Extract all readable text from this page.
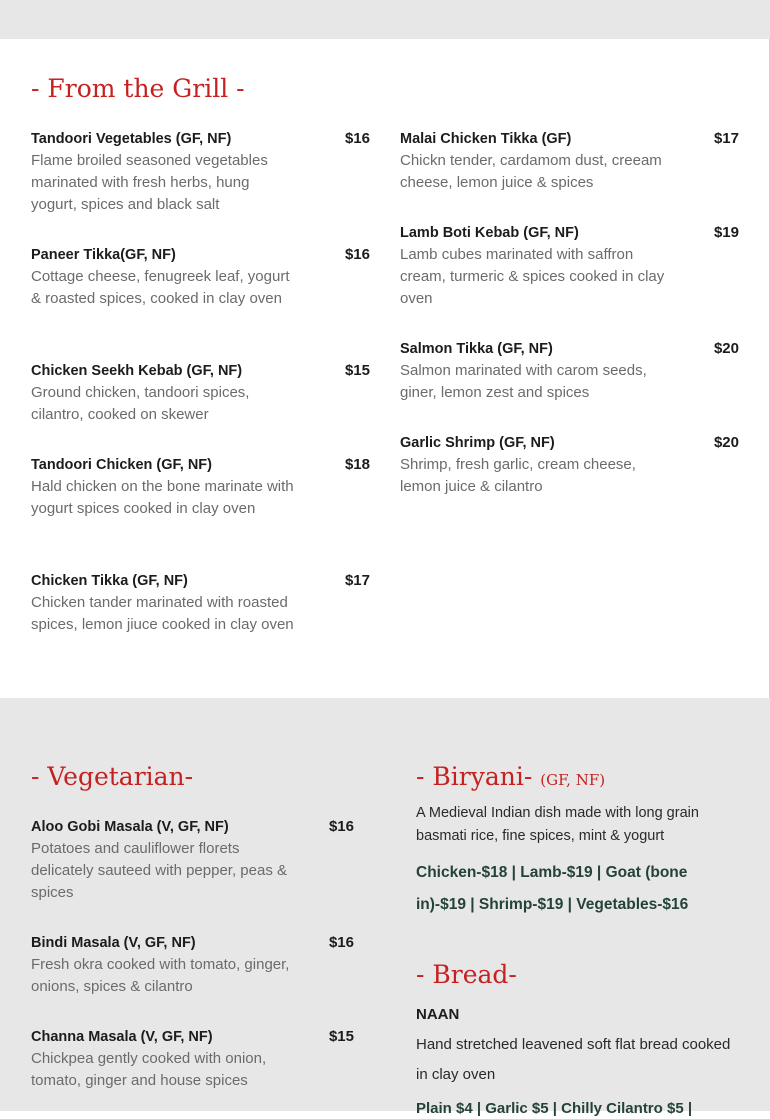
- From the Grill -
Tandoori Vegetables (GF, NF)	$16
Flame broiled seasoned vegetables marinated with fresh herbs, hung yogurt, spices and black salt
Paneer Tikka(GF, NF)	$16
Cottage cheese, fenugreek leaf, yogurt & roasted spices, cooked in clay oven
Chicken Seekh Kebab (GF, NF)	$15
Ground chicken, tandoori spices, cilantro, cooked on skewer
Tandoori Chicken (GF, NF)	$18
Hald chicken on the bone marinate with yogurt spices cooked in clay oven
Chicken Tikka (GF, NF)	$17
Chicken tander marinated with roasted spices, lemon jiuce cooked in clay oven
Malai Chicken Tikka (GF)	$17
Chickn tender, cardamom dust, creeam cheese, lemon juice & spices
Lamb Boti Kebab (GF, NF)	$19
Lamb cubes marinated with saffron cream, turmeric & spices cooked in clay oven
Salmon Tikka (GF, NF)	$20
Salmon marinated with carom seeds, giner, lemon zest and spices
Garlic Shrimp (GF, NF)	$20
Shrimp, fresh garlic, cream cheese, lemon juice & cilantro
- Vegetarian-
Aloo Gobi Masala (V, GF, NF)	$16
Potatoes and cauliflower florets delicately sauteed with pepper, peas & spices
Bindi Masala (V, GF, NF)	$16
Fresh okra cooked with tomato, ginger, onions, spices & cilantro
Channa Masala (V, GF, NF)	$15
Chickpea gently cooked with onion, tomato, ginger and house spices
- Biryani- (GF, NF)
A Medieval Indian dish made with long grain basmati rice, fine spices, mint & yogurt
Chicken-$18 | Lamb-$19 | Goat (bone in)-$19 | Shrimp-$19 | Vegetables-$16
- Bread-
NAAN
Hand stretched leavened soft flat bread cooked in clay oven
Plain $4 | Garlic $5 | Chilly Cilantro $5 |
